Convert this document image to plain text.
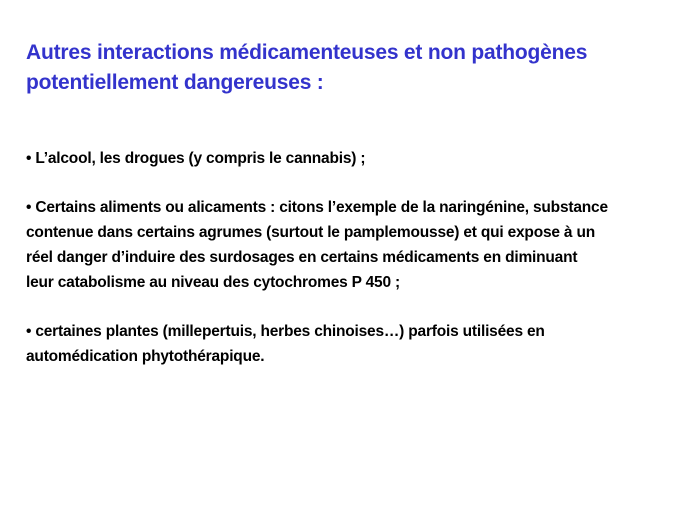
Autres interactions médicamenteuses et non pathogènes
potentiellement dangereuses :

• L’alcool, les drogues (y compris le cannabis) ;

• Certains aliments ou alicaments : citons l’exemple de la naringénine, substance
contenue dans certains agrumes (surtout le pamplemousse) et qui expose à un
réel danger d’induire des surdosages en certains médicaments en diminuant
leur catabolisme au niveau des cytochromes P 450 ;

• certaines plantes (millepertuis, herbes chinoises…) parfois utilisées en
automédication phytothérapique.
